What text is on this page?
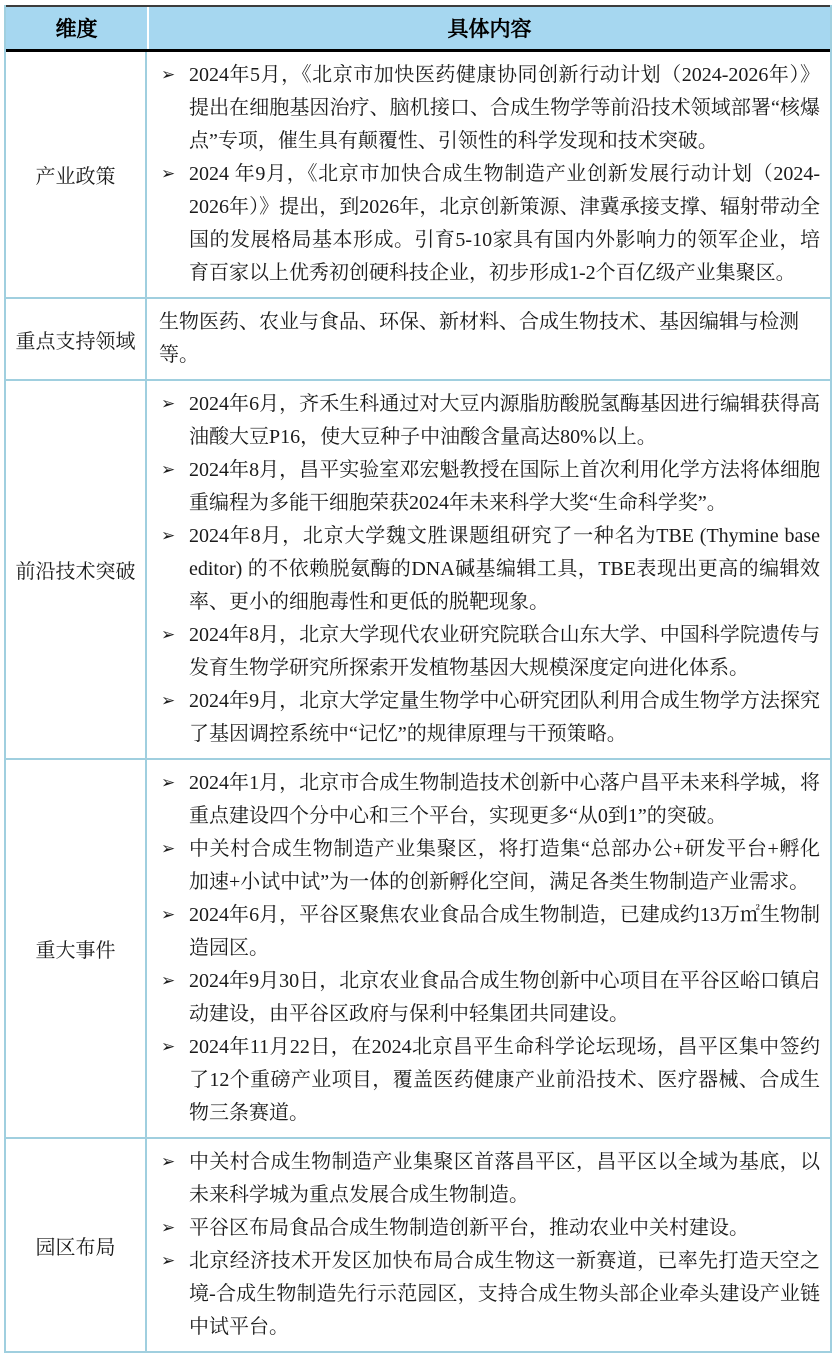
维度	具体内容
产业政策
➢ 2024年5月，《北京市加快医药健康协同创新行动计划（2024-2026年）》提出在细胞基因治疗、脑机接口、合成生物学等前沿技术领域部署“核爆点”专项，催生具有颠覆性、引领性的科学发现和技术突破。
➢ 2024 年9月，《北京市加快合成生物制造产业创新发展行动计划（2024-2026年）》提出，到2026年，北京创新策源、津冀承接支撑、辐射带动全国的发展格局基本形成。引育5-10家具有国内外影响力的领军企业，培育百家以上优秀初创硬科技企业，初步形成1-2个百亿级产业集聚区。
重点支持领域
生物医药、农业与食品、环保、新材料、合成生物技术、基因编辑与检测等。
前沿技术突破
➢ 2024年6月，齐禾生科通过对大豆内源脂肪酸脱氢酶基因进行编辑获得高油酸大豆P16，使大豆种子中油酸含量高达80%以上。
➢ 2024年8月，昌平实验室邓宏魁教授在国际上首次利用化学方法将体细胞重编程为多能干细胞荣获2024年未来科学大奖“生命科学奖”。
➢ 2024年8月，北京大学魏文胜课题组研究了一种名为TBE (Thymine base editor) 的不依赖脱氨酶的DNA碱基编辑工具，TBE表现出更高的编辑效率、更小的细胞毒性和更低的脱靶现象。
➢ 2024年8月，北京大学现代农业研究院联合山东大学、中国科学院遗传与发育生物学研究所探索开发植物基因大规模深度定向进化体系。
➢ 2024年9月，北京大学定量生物学中心研究团队利用合成生物学方法探究了基因调控系统中“记忆”的规律原理与干预策略。
重大事件
➢ 2024年1月，北京市合成生物制造技术创新中心落户昌平未来科学城，将重点建设四个分中心和三个平台，实现更多“从0到1”的突破。
➢ 中关村合成生物制造产业集聚区，将打造集“总部办公+研发平台+孵化加速+小试中试”为一体的创新孵化空间，满足各类生物制造产业需求。
➢ 2024年6月，平谷区聚焦农业食品合成生物制造，已建成约13万㎡生物制造园区。
➢ 2024年9月30日，北京农业食品合成生物创新中心项目在平谷区峪口镇启动建设，由平谷区政府与保利中轻集团共同建设。
➢ 2024年11月22日，在2024北京昌平生命科学论坛现场，昌平区集中签约了12个重磅产业项目，覆盖医药健康产业前沿技术、医疗器械、合成生物三条赛道。
园区布局
➢ 中关村合成生物制造产业集聚区首落昌平区，昌平区以全域为基底，以未来科学城为重点发展合成生物制造。
➢ 平谷区布局食品合成生物制造创新平台，推动农业中关村建设。
➢ 北京经济技术开发区加快布局合成生物这一新赛道，已率先打造天空之境-合成生物制造先行示范园区，支持合成生物头部企业牵头建设产业链中试平台。
